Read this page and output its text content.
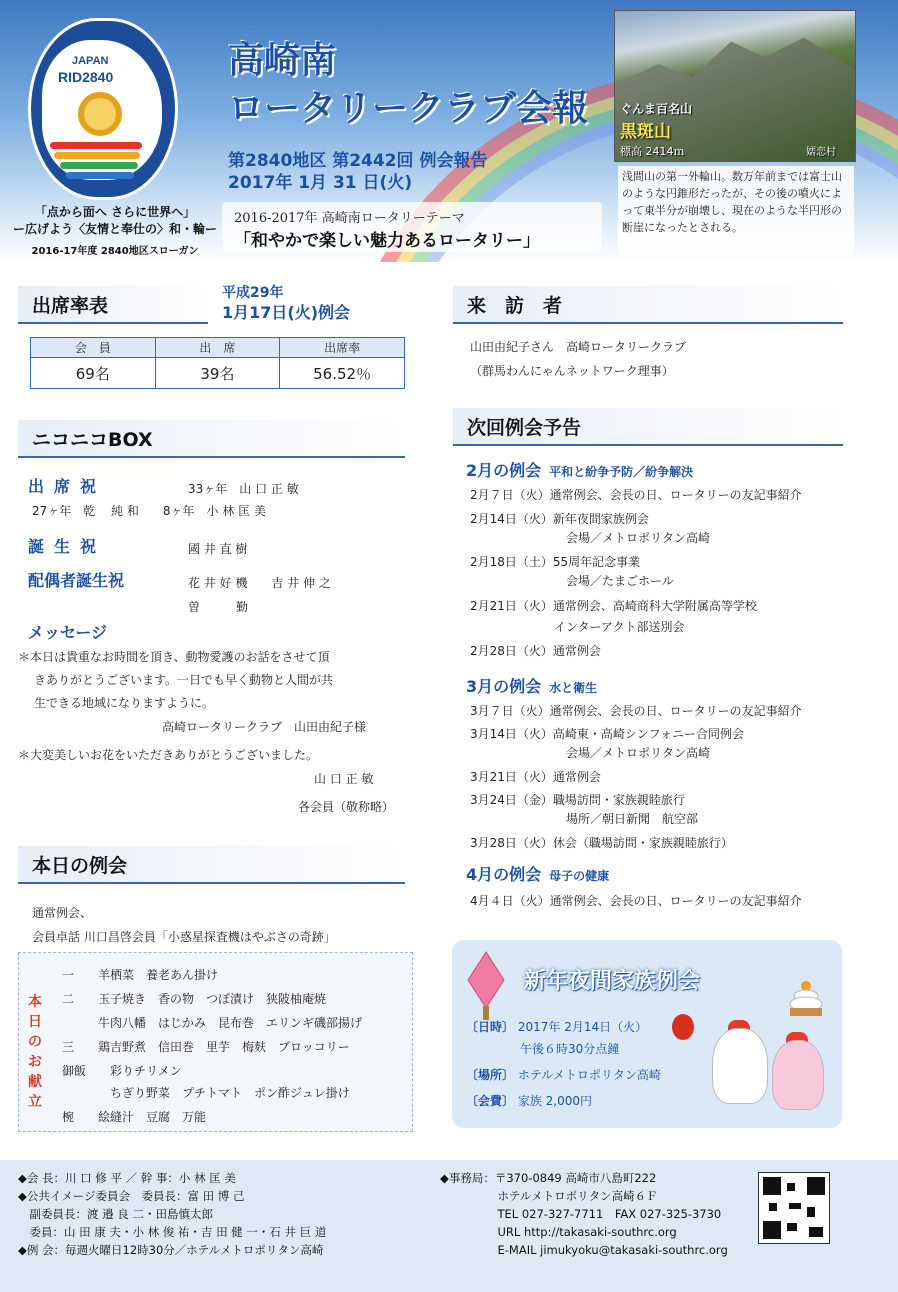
JAPAN
RID2840
「点から面へ さらに世界へ」
ー広げよう〈友情と奉仕の〉和・輪ー
2016-17年度 2840地区スローガン
高崎南
ロータリークラブ会報
第2840地区 第2442回 例会報告
2017年 1月 31 日(火)
2016-2017年 高崎南ロータリーテーマ
「和やかで楽しい魅力あるロータリー」
ぐんま百名山
黒斑山
標高 2414ｍ	嬬恋村
浅間山の第一外輪山。数万年前までは富士山のような円錐形だったが、その後の噴火によって東半分が崩壊し、現在のような半円形の断崖になったとされる。
出席率表
平成29年
1月17日(火)例会
会　員	出　席	出席率
69名	39名	56.52％
ニコニコBOX
出席祝	33ヶ年　山 口 正 敏
27ヶ年　乾　 純 和　　8ヶ年　小 林 匡 美
誕生祝	國 井 直 樹
配偶者誕生祝	花 井 好 機　　吉 井 伸 之
曽　　　勤
メッセージ
＊本日は貴重なお時間を頂き、動物愛護のお話をさせて頂
きありがとうございます。一日でも早く動物と人間が共
生できる地域になりますように。
高崎ロータリークラブ　山田由紀子様
＊大変美しいお花をいただきありがとうございました。
山 口 正 敏
各会員（敬称略）
本日の例会
通常例会、
会員卓話 川口昌啓会員「小惑星探査機はやぶさの奇跡」
本日のお献立
一　　羊栖菜　養老あん掛け
二　　玉子焼き　香の物　つぼ漬け　狭陂柚庵焼
　　　牛肉八幡　はじかみ　昆布巻　エリンギ磯部揚げ
三　　鶏吉野煮　信田巻　里芋　梅麸　ブロッコリー
御飯　　彩りチリメン
　　　　ちぎり野菜　プチトマト　ポン酢ジュレ掛け
椀　　絵縫汁　豆腐　万能
来　訪　者
山田由紀子さん　高崎ロータリークラブ
（群馬わんにゃんネットワーク理事）
次回例会予告
2月の例会 平和と紛争予防／紛争解決
2月７日（火）通常例会、会長の日、ロータリーの友記事紹介
2月14日（火）新年夜間家族例会
　　　　　　　　会場／メトロポリタン高崎
2月18日（土）55周年記念事業
　　　　　　　　会場／たまごホール
2月21日（火）通常例会、高崎商科大学附属高等学校
　　　　　　　インターアクト部送別会
2月28日（火）通常例会
3月の例会 水と衛生
3月７日（火）通常例会、会長の日、ロータリーの友記事紹介
3月14日（火）高崎東・高崎シンフォニー合同例会
　　　　　　　　会場／メトロポリタン高崎
3月21日（火）通常例会
3月24日（金）職場訪問・家族親睦旅行
　　　　　　　　場所／朝日新聞　航空部
3月28日（火）休会（職場訪問・家族親睦旅行）
4月の例会 母子の健康
4月４日（火）通常例会、会長の日、ロータリーの友記事紹介
新年夜間家族例会
〔日時〕 2017年 2月14日（火）
午後６時30分点鐘
〔場所〕 ホテルメトロポリタン高崎
〔会費〕 家族 2,000円
◆会 長：川 口 修 平 ／ 幹 事：小 林 匡 美
◆公共イメージ委員会　委員長：富 田 博 己
　副委員長：渡 邉 良 二・田島慎太郎
　委員：山 田 康 夫・小 林 俊 祐・吉 田 健 一・石 井 巨 道
◆例 会：毎週火曜日12時30分／ホテルメトロポリタン高崎
◆事務局：〒370-0849 高崎市八島町222
　　　　　ホテルメトロポリタン高崎６Ｆ
　　　　　TEL 027-327-7711　FAX 027-325-3730
　　　　　URL http://takasaki-southrc.org
　　　　　E-MAIL jimukyoku@takasaki-southrc.org
